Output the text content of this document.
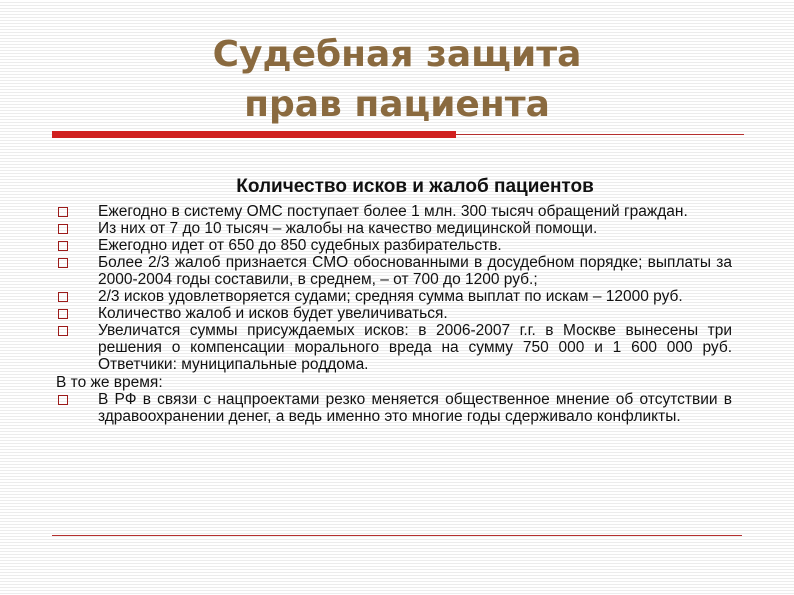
Судебная защита
прав пациента
Количество исков и жалоб пациентов
Ежегодно в систему ОМС поступает более 1 млн. 300 тысяч обращений граждан.
Из них от 7 до 10 тысяч – жалобы на качество медицинской помощи.
Ежегодно идет от 650 до 850 судебных разбирательств.
Более 2/3 жалоб признается СМО обоснованными в досудебном порядке; выплаты за 2000-2004 годы составили, в среднем, – от 700 до 1200 руб.;
2/3 исков удовлетворяется судами; средняя сумма выплат по искам – 12000 руб.
Количество жалоб и исков будет увеличиваться.
Увеличатся суммы присуждаемых исков: в 2006-2007 г.г. в Москве вынесены три решения о компенсации морального вреда на сумму 750 000 и 1 600 000 руб. Ответчики: муниципальные роддома.

В то же время:

В РФ в связи с нацпроектами резко меняется общественное мнение об отсутствии в здравоохранении денег, а ведь именно это многие годы сдерживало конфликты.
